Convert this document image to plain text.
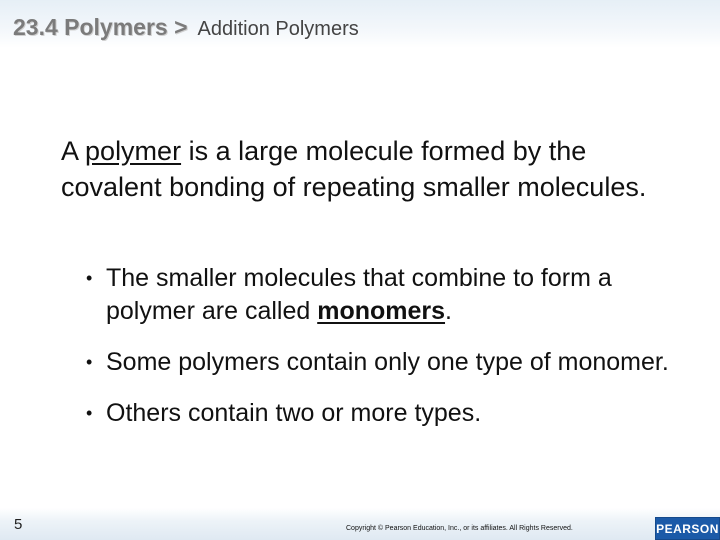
23.4 Polymers > Addition Polymers

A polymer is a large molecule formed by the covalent bonding of repeating smaller molecules.

• The smaller molecules that combine to form a polymer are called monomers.
• Some polymers contain only one type of monomer.
• Others contain two or more types.
5	Copyright © Pearson Education, Inc., or its affiliates. All Rights Reserved.	PEARSON
